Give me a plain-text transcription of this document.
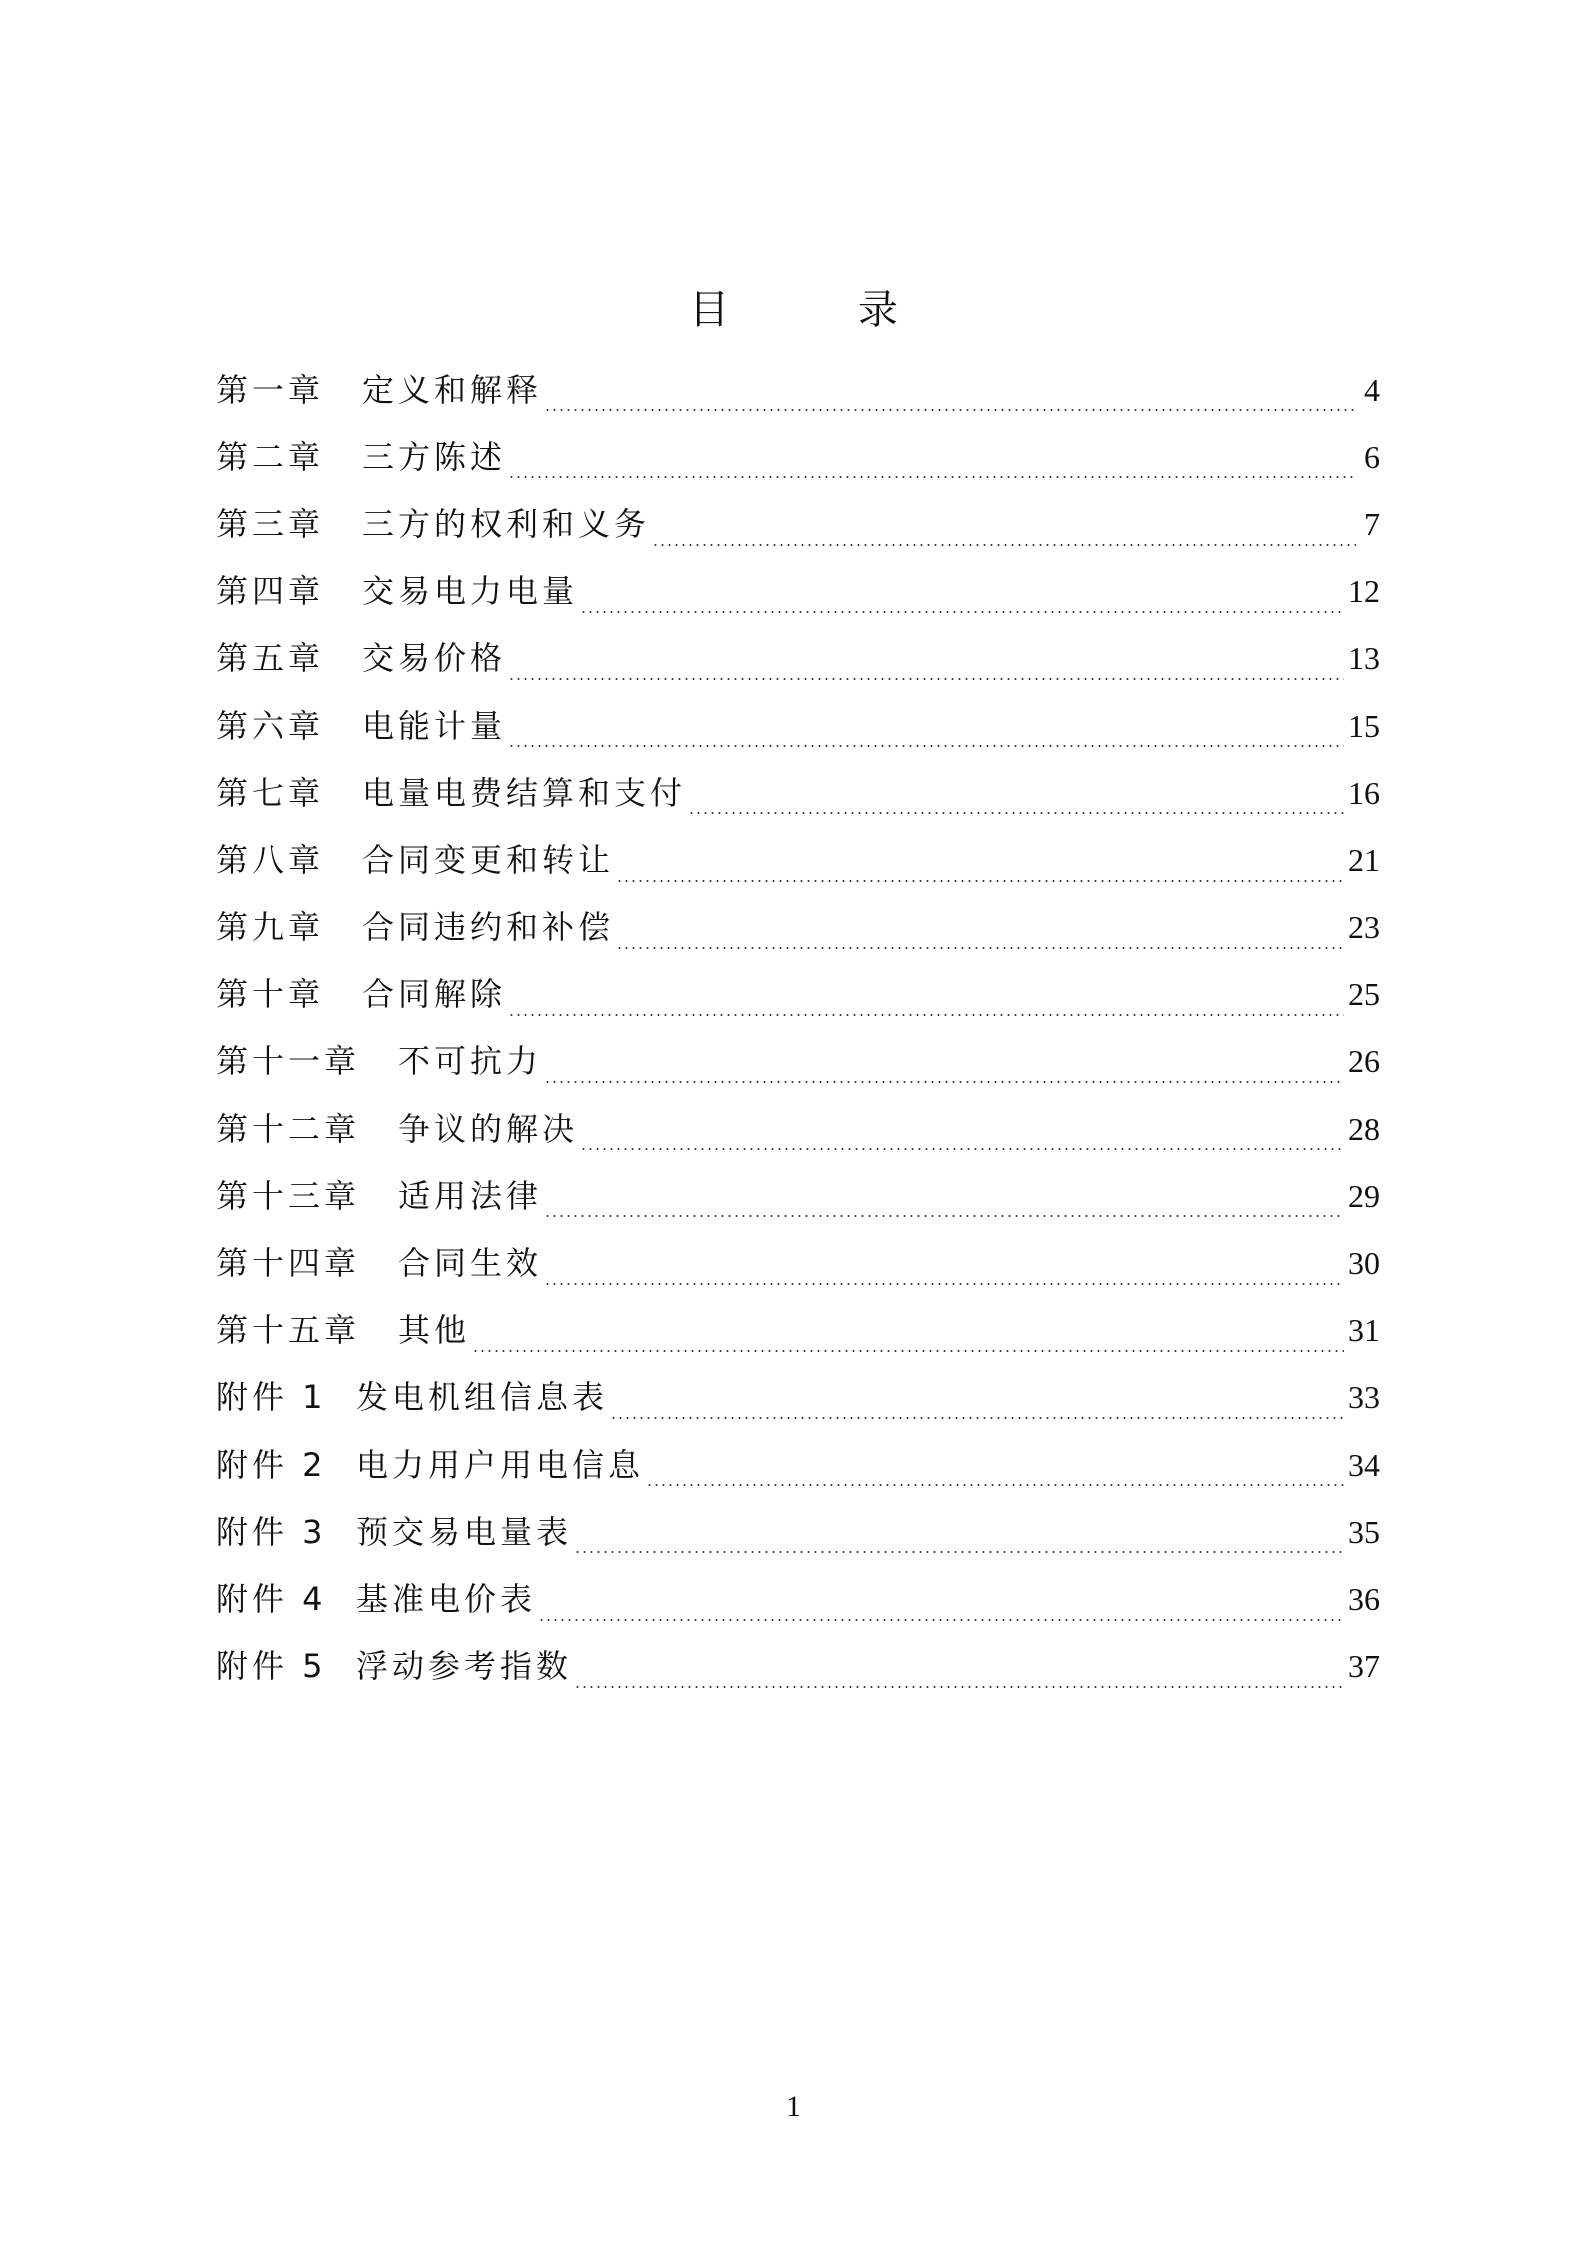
目 录
第一章 定义和解释	4
第二章 三方陈述	6
第三章 三方的权利和义务	7
第四章 交易电力电量	12
第五章 交易价格	13
第六章 电能计量	15
第七章 电量电费结算和支付	16
第八章 合同变更和转让	21
第九章 合同违约和补偿	23
第十章 合同解除	25
第十一章 不可抗力	26
第十二章 争议的解决	28
第十三章 适用法律	29
第十四章 合同生效	30
第十五章 其他	31
附件 1 发电机组信息表	33
附件 2 电力用户用电信息	34
附件 3 预交易电量表	35
附件 4 基准电价表	36
附件 5 浮动参考指数	37
1
